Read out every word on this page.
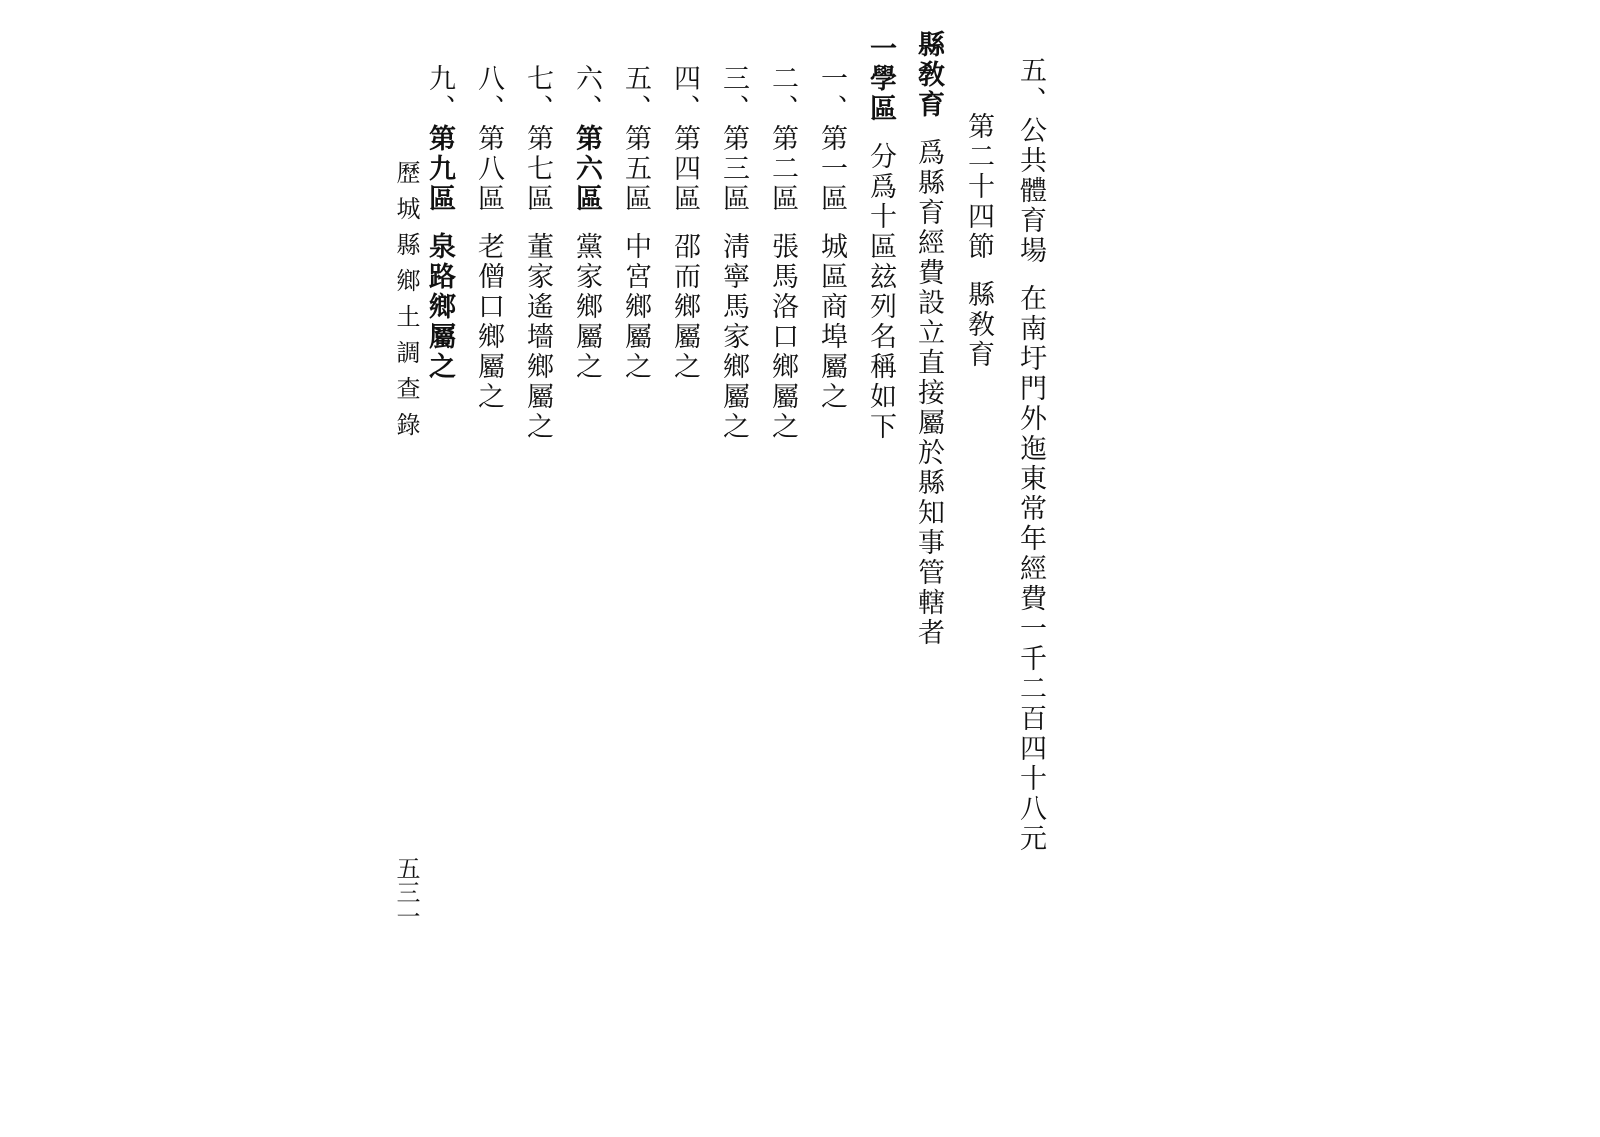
五、公共體育場在南圩門外迤東常年經費一千二百四十八元
第二十四節縣敎育
縣敎育爲縣育經費設立直接屬於縣知事管轄者
一學區分爲十區玆列名稱如下
一、第一區城區商埠屬之
二、第二區張馬洛口鄉屬之
三、第三區淸寧馬家鄉屬之
四、第四區邵而鄉屬之
五、第五區中宮鄉屬之
六、第六區黨家鄉屬之
七、第七區董家遙墻鄉屬之
八、第八區老僧口鄉屬之
九、第九區泉路鄉屬之
歷城縣鄉土調查錄
五三一
